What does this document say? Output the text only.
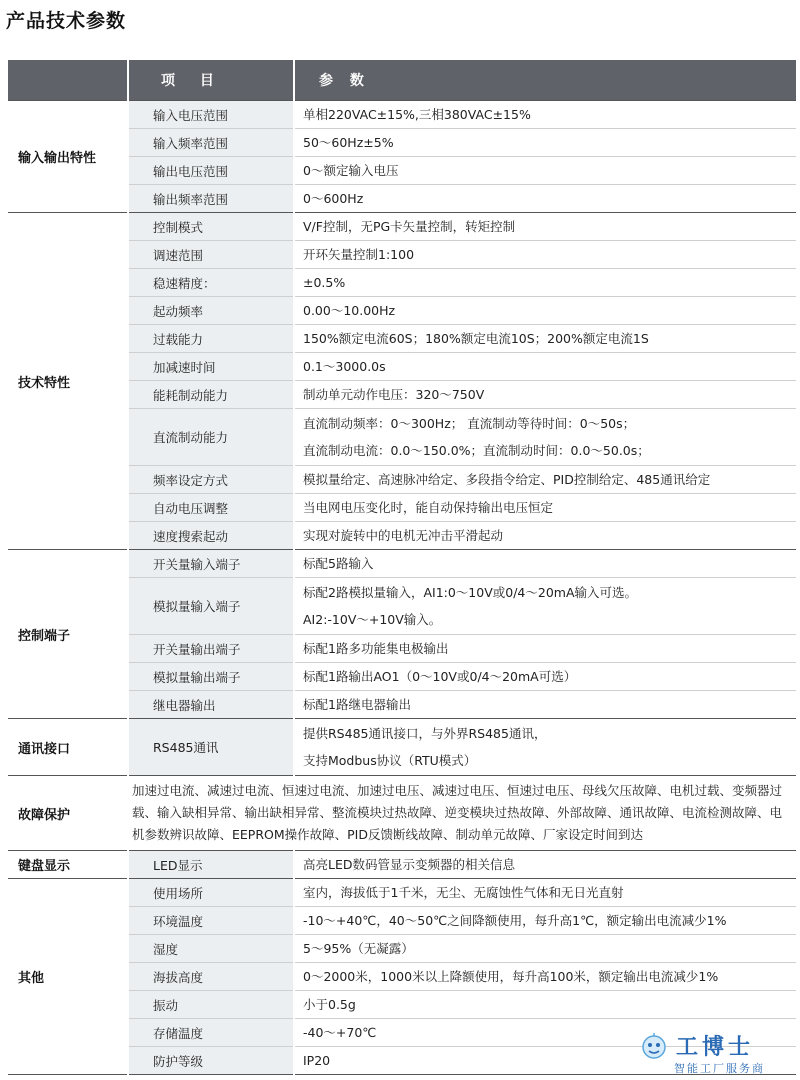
产品技术参数
	项 目	参 数
输入输出特性	输入电压范围	单相220VAC±15%,三相380VAC±15%
	输入频率范围	50～60Hz±5%
	输出电压范围	0～额定输入电压
	输出频率范围	0～600Hz
技术特性	控制模式	V/F控制，无PG卡矢量控制，转矩控制
	调速范围	开环矢量控制1:100
	稳速精度：	±0.5%
	起动频率	0.00～10.00Hz
	过载能力	150%额定电流60S；180%额定电流10S；200%额定电流1S
	加减速时间	0.1～3000.0s
	能耗制动能力	制动单元动作电压：320～750V
	直流制动能力	直流制动频率：0～300Hz； 直流制动等待时间：0～50s；
直流制动电流：0.0～150.0%；直流制动时间：0.0～50.0s；

	频率设定方式	模拟量给定、高速脉冲给定、多段指令给定、PID控制给定、485通讯给定
	自动电压调整	当电网电压变化时，能自动保持输出电压恒定
	速度搜索起动	实现对旋转中的电机无冲击平滑起动
控制端子	开关量输入端子	标配5路输入
	模拟量输入端子	标配2路模拟量输入，AI1:0～10V或0/4～20mA输入可选。
AI2:-10V～+10V输入。

	开关量输出端子	标配1路多功能集电极输出
	模拟量输出端子	标配1路输出AO1（0～10V或0/4～20mA可选）
	继电器输出	标配1路继电器输出
通讯接口	RS485通讯	提供RS485通讯接口，与外界RS485通讯，
支持Modbus协议（RTU模式）

故障保护	加速过电流、减速过电流、恒速过电流、加速过电压、减速过电压、恒速过电压、母线欠压故障、电机过载、变频器过载、输入缺相异常、输出缺相异常、整流模块过热故障、逆变模块过热故障、外部故障、通讯故障、电流检测故障、电机参数辨识故障、EEPROM操作故障、PID反馈断线故障、制动单元故障、厂家设定时间到达	
键盘显示	LED显示	高亮LED数码管显示变频器的相关信息
其他	使用场所	室内，海拔低于1千米，无尘、无腐蚀性气体和无日光直射
	环境温度	-10～+40℃，40～50℃之间降额使用，每升高1℃，额定输出电流减少1%
	湿度	5～95%（无凝露）
	海拔高度	0～2000米，1000米以上降额使用，每升高100米，额定输出电流减少1%
	振动	小于0.5g
	存储温度	-40～+70℃
	防护等级	IP20
工博士
智能工厂服务商
